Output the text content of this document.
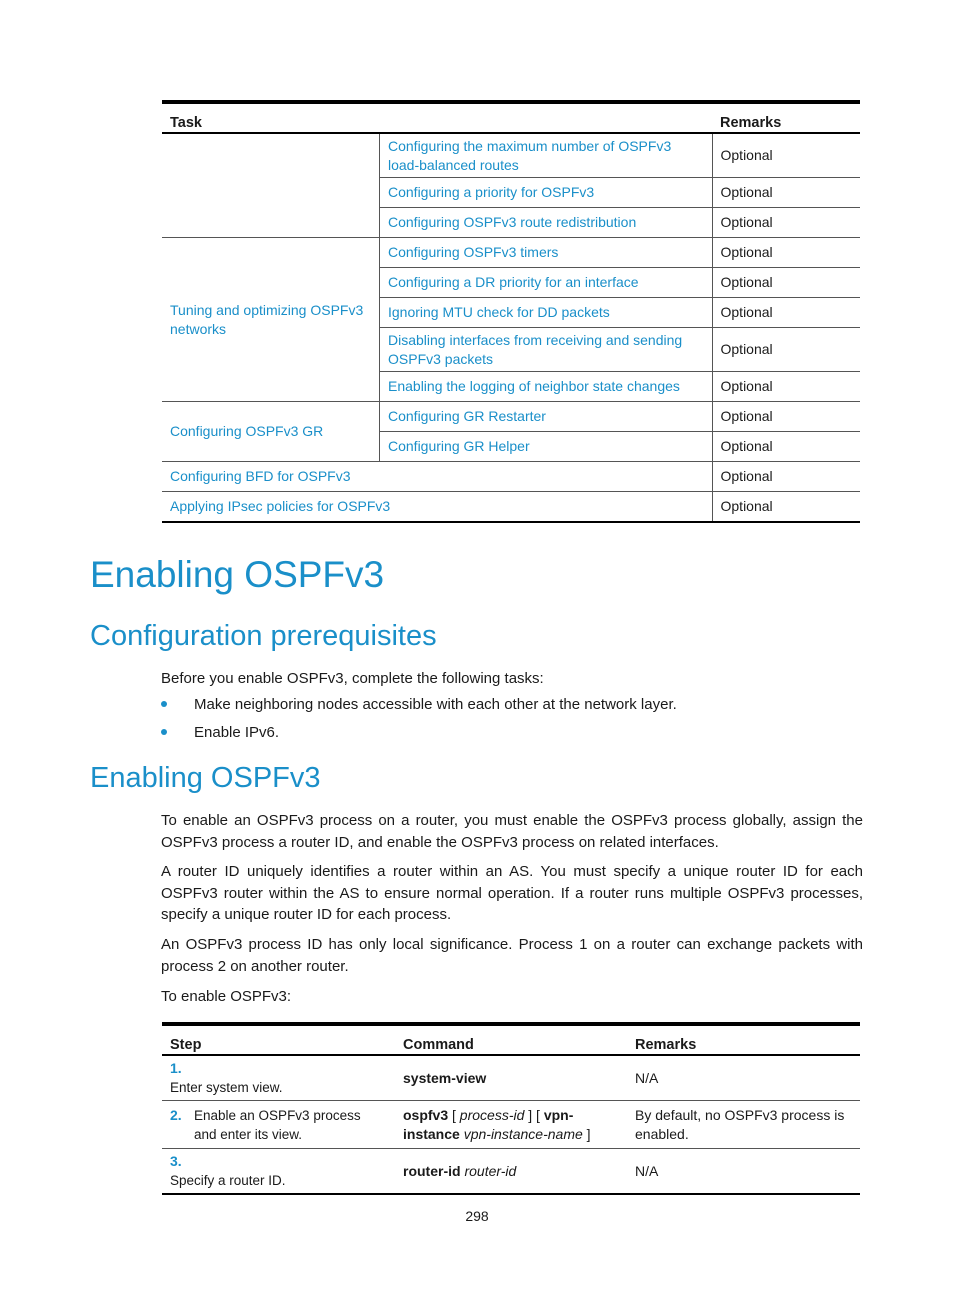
Task		Remarks
	Configuring the maximum number of OSPFv3 load-balanced routes	Optional
	Configuring a priority for OSPFv3	Optional
	Configuring OSPFv3 route redistribution	Optional
Tuning and optimizing OSPFv3 networks	Configuring OSPFv3 timers	Optional
	Configuring a DR priority for an interface	Optional
	Ignoring MTU check for DD packets	Optional
	Disabling interfaces from receiving and sending OSPFv3 packets	Optional
	Enabling the logging of neighbor state changes	Optional
Configuring OSPFv3 GR	Configuring GR Restarter	Optional
	Configuring GR Helper	Optional
Configuring BFD for OSPFv3		Optional
Applying IPsec policies for OSPFv3		Optional
Enabling OSPFv3
Configuration prerequisites

Before you enable OSPFv3, complete the following tasks:

Make neighboring nodes accessible with each other at the network layer.

Enable IPv6.

Enabling OSPFv3

To enable an OSPFv3 process on a router, you must enable the OSPFv3 process globally, assign the OSPFv3 process a router ID, and enable the OSPFv3 process on related interfaces.

A router ID uniquely identifies a router within an AS. You must specify a unique router ID for each OSPFv3 router within the AS to ensure normal operation. If a router runs multiple OSPFv3 processes, specify a unique router ID for each process.

An OSPFv3 process ID has only local significance. Process 1 on a router can exchange packets with process 2 on another router.

To enable OSPFv3:

Step	Command	Remarks
1.Enter system view.	system-view	N/A
2. Enable an OSPFv3 process and enter its view.	ospfv3 [ process-id ] [ vpn-instance vpn-instance-name ]	By default, no OSPFv3 process is enabled.
3.Specify a router ID.	router-id router-id	N/A
298
